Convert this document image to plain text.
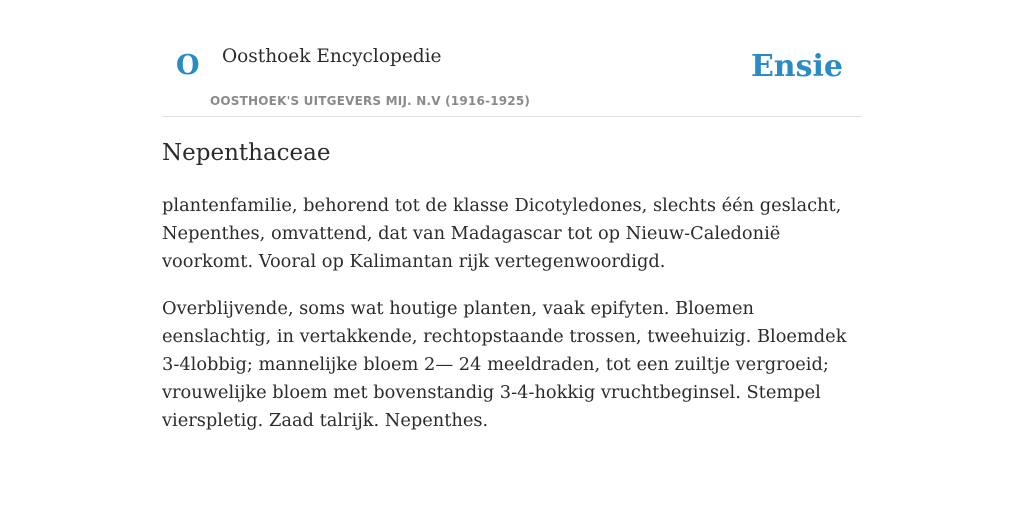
O Oosthoek Encyclopedie	Ensie
OOSTHOEK'S UITGEVERS MIJ. N.V (1916-1925)
Nepenthaceae

plantenfamilie, behorend tot de klasse Dicotyledones, slechts één geslacht, Nepenthes, omvattend, dat van Madagascar tot op Nieuw-Caledonië voorkomt. Vooral op Kalimantan rijk vertegenwoordigd.

Overblijvende, soms wat houtige planten, vaak epifyten. Bloemen eenslachtig, in vertakkende, rechtopstaande trossen, tweehuizig. Bloemdek 3-4lobbig; mannelijke bloem 2— 24 meeldraden, tot een zuiltje vergroeid; vrouwelijke bloem met bovenstandig 3-4-hokkig vruchtbeginsel. Stempel vierspletig. Zaad talrijk. Nepenthes.
